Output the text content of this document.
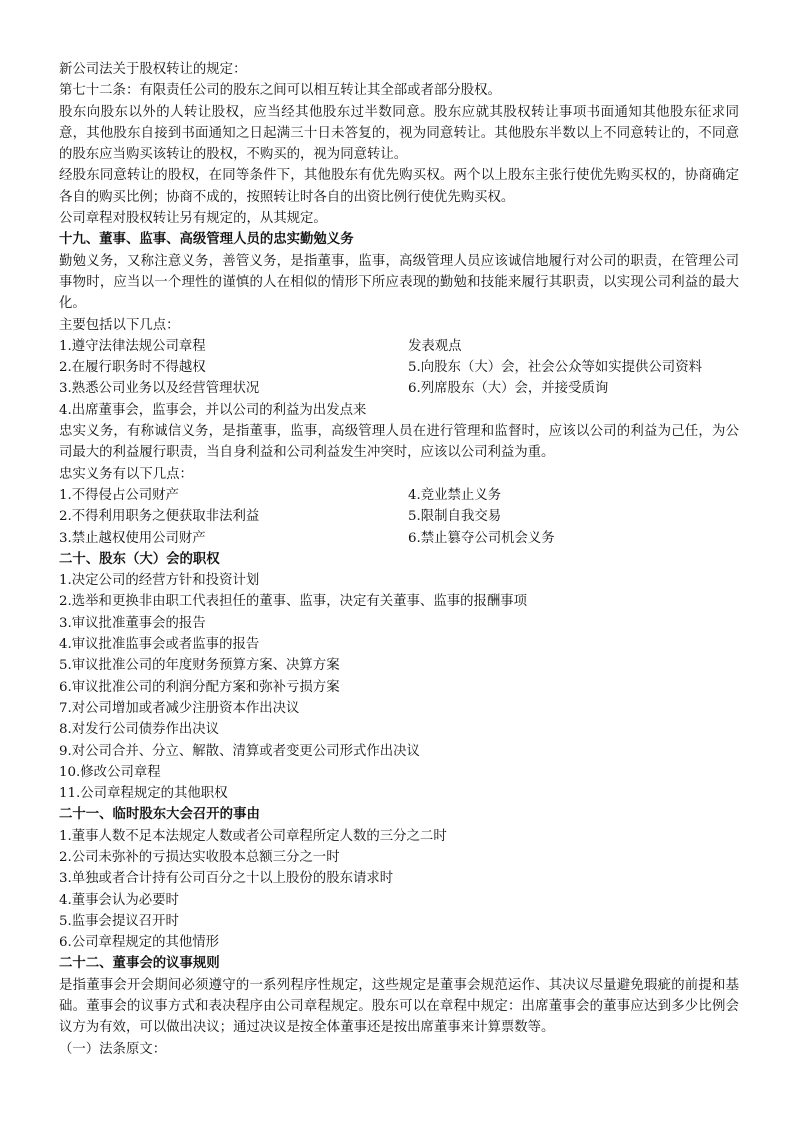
新公司法关于股权转让的规定：

第七十二条：有限责任公司的股东之间可以相互转让其全部或者部分股权。

股东向股东以外的人转让股权，应当经其他股东过半数同意。股东应就其股权转让事项书面通知其他股东征求同意，其他股东自接到书面通知之日起满三十日未答复的，视为同意转让。其他股东半数以上不同意转让的，不同意的股东应当购买该转让的股权，不购买的，视为同意转让。

经股东同意转让的股权，在同等条件下，其他股东有优先购买权。两个以上股东主张行使优先购买权的，协商确定各自的购买比例；协商不成的，按照转让时各自的出资比例行使优先购买权。

公司章程对股权转让另有规定的，从其规定。

十九、董事、监事、高级管理人员的忠实勤勉义务

勤勉义务，又称注意义务，善管义务，是指董事，监事，高级管理人员应该诚信地履行对公司的职责，在管理公司事物时，应当以一个理性的谨慎的人在相似的情形下所应表现的勤勉和技能来履行其职责，以实现公司利益的最大化。

主要包括以下几点：

1.遵守法律法规公司章程	发表观点
2.在履行职务时不得越权	5.向股东（大）会，社会公众等如实提供公司资料
3.熟悉公司业务以及经营管理状况	6.列席股东（大）会，并接受质询

4.出席董事会，监事会，并以公司的利益为出发点来

忠实义务，有称诚信义务，是指董事，监事，高级管理人员在进行管理和监督时，应该以公司的利益为己任，为公司最大的利益履行职责，当自身利益和公司利益发生冲突时，应该以公司利益为重。

忠实义务有以下几点：

1.不得侵占公司财产	4.竞业禁止义务
2.不得利用职务之便获取非法利益	5.限制自我交易
3.禁止越权使用公司财产	6.禁止篡夺公司机会义务
二十、股东（大）会的职权

1.决定公司的经营方针和投资计划

2.选举和更换非由职工代表担任的董事、监事，决定有关董事、监事的报酬事项

3.审议批准董事会的报告

4.审议批准监事会或者监事的报告

5.审议批准公司的年度财务预算方案、决算方案

6.审议批准公司的利润分配方案和弥补亏损方案

7.对公司增加或者减少注册资本作出决议

8.对发行公司债券作出决议

9.对公司合并、分立、解散、清算或者变更公司形式作出决议

10.修改公司章程

11.公司章程规定的其他职权

二十一、临时股东大会召开的事由

1.董事人数不足本法规定人数或者公司章程所定人数的三分之二时

2.公司未弥补的亏损达实收股本总额三分之一时

3.单独或者合计持有公司百分之十以上股份的股东请求时

4.董事会认为必要时

5.监事会提议召开时

6.公司章程规定的其他情形

二十二、董事会的议事规则

是指董事会开会期间必须遵守的一系列程序性规定，这些规定是董事会规范运作、其决议尽量避免瑕疵的前提和基础。董事会的议事方式和表决程序由公司章程规定。股东可以在章程中规定：出席董事会的董事应达到多少比例会议方为有效，可以做出决议；通过决议是按全体董事还是按出席董事来计算票数等。

（一）法条原文：
